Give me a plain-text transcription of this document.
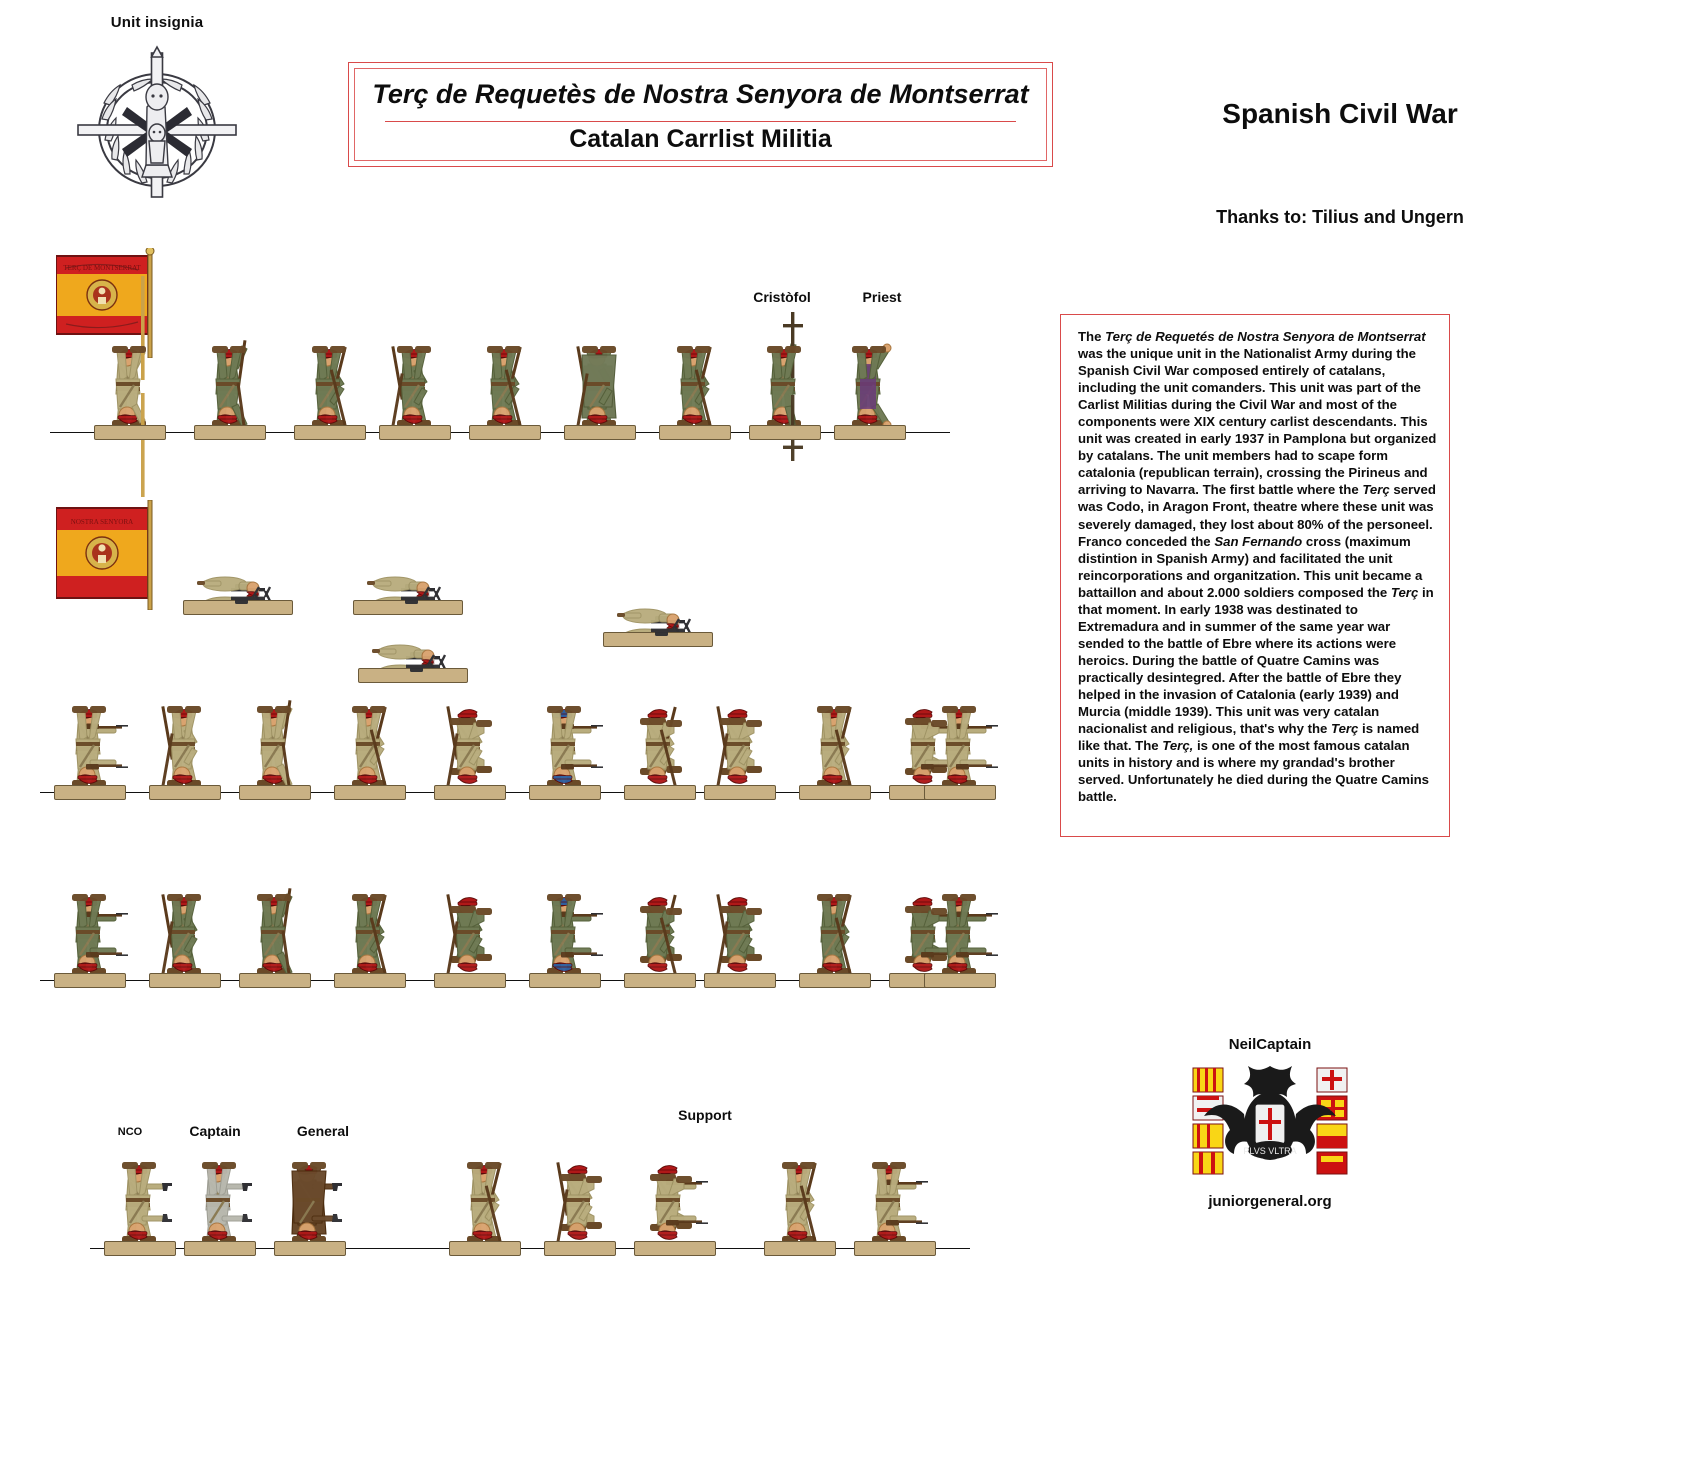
Unit insignia
Terç de Requetès de Nostra Senyora de Montserrat
Catalan Carrlist Militia
Spanish Civil War
Thanks to: Tilius and Ungern
The Terç de Requetés de Nostra Senyora de Montserrat was the unique unit in the Nationalist Army during the Spanish Civil War composed entirely of catalans, including the unit comanders. This unit was part of the Carlist Militias during the Civil War and most of the components were XIX century carlist descendants. This unit was created in early 1937 in Pamplona but organized by catalans. The unit members had to scape form catalonia (republican terrain), crossing the Pirineus and arriving to Navarra. The first battle where the Terç served was Codo, in Aragon Front, theatre where these unit was severely damaged, they lost about 80% of the personeel. Franco conceded the San Fernando cross (maximum distintion in Spanish Army) and facilitated the unit reincorporations and organitzation. This unit became a battaillon and about 2.000 soldiers composed the Terç in that moment. In early 1938 was destinated to Extremadura and in summer of the same year war sended to the battle of Ebre where its actions were heroics. During the battle of Quatre Camins was practically desintegred. After the battle of Ebre they helped in the invasion of Catalonia (early 1939) and Murcia (middle 1939). This unit was very catalan nacionalist and religious, that's why the Terç is named like that. The Terç, is one of the most famous catalan units in history and is where my grandad's brother served. Unfortunately he died during the Quatre Camins battle.
NeilCaptain
PLVS VLTRA
juniorgeneral.org
TERÇ DE MONTSERRAT
NOSTRA SENYORA
Cristòfol	Priest
NCO	Captain	General
Support
